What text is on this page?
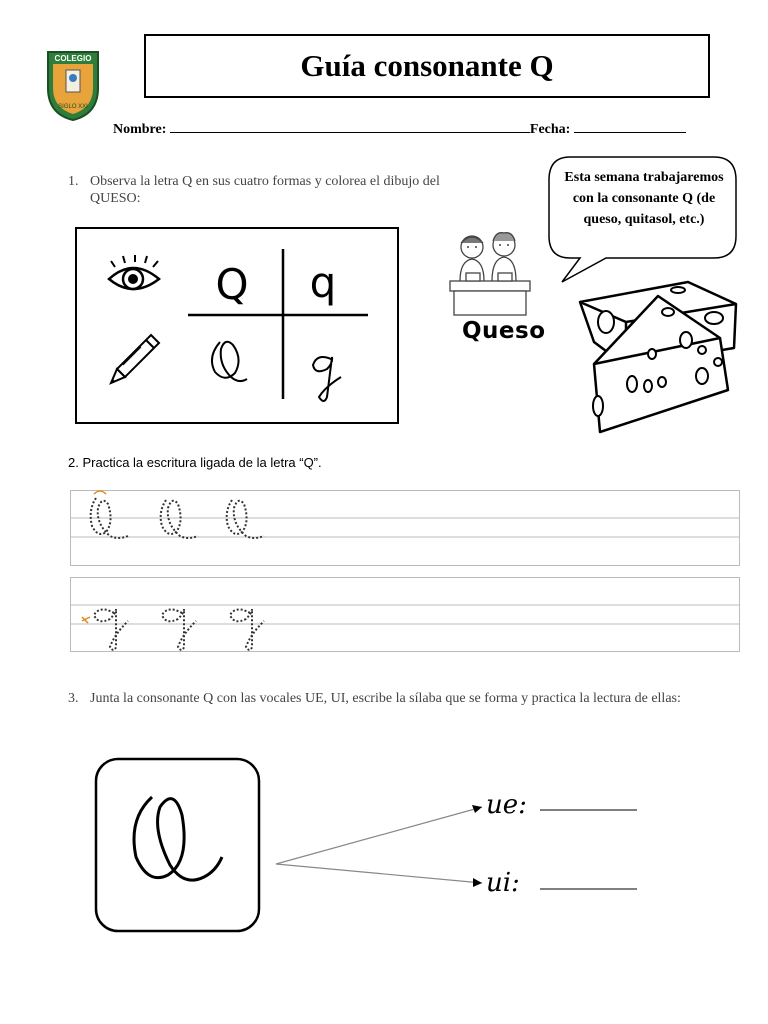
COLEGIO
SIGLO XXI
Guía consonante Q
Nombre:	Fecha:
1. Observa la letra Q en sus cuatro formas y colorea el dibujo del QUESO:
Q q
Queso
Esta semana trabajaremos con la consonante Q (de queso, quitasol, etc.)
2. Practica la escritura ligada de la letra “Q”.
3. Junta la consonante Q con las vocales UE, UI, escribe la sílaba que se forma y practica la lectura de ellas:
ue:
ui:
